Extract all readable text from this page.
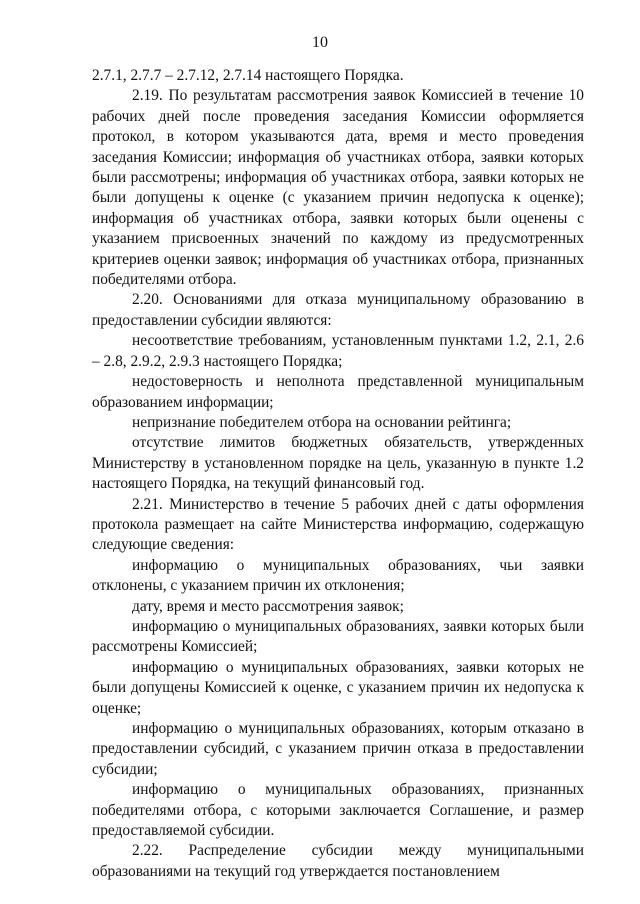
10

2.7.1, 2.7.7 – 2.7.12, 2.7.14 настоящего Порядка.

2.19. По результатам рассмотрения заявок Комиссией в течение 10 рабочих дней после проведения заседания Комиссии оформляется протокол, в котором указываются дата, время и место проведения заседания Комиссии; информация об участниках отбора, заявки которых были рассмотрены; информация об участниках отбора, заявки которых не были допущены к оценке (с указанием причин недопуска к оценке); информация об участниках отбора, заявки которых были оценены с указанием присвоенных значений по каждому из предусмотренных критериев оценки заявок; информация об участниках отбора, признанных победителями отбора.

2.20. Основаниями для отказа муниципальному образованию в предоставлении субсидии являются:

несоответствие требованиям, установленным пунктами 1.2, 2.1, 2.6 – 2.8, 2.9.2, 2.9.3 настоящего Порядка;

недостоверность и неполнота представленной муниципальным образованием информации;

непризнание победителем отбора на основании рейтинга;

отсутствие лимитов бюджетных обязательств, утвержденных Министерству в установленном порядке на цель, указанную в пункте 1.2 настоящего Порядка, на текущий финансовый год.

2.21. Министерство в течение 5 рабочих дней с даты оформления протокола размещает на сайте Министерства информацию, содержащую следующие сведения:

информацию о муниципальных образованиях, чьи заявки отклонены, с указанием причин их отклонения;

дату, время и место рассмотрения заявок;

информацию о муниципальных образованиях, заявки которых были рассмотрены Комиссией;

информацию о муниципальных образованиях, заявки которых не были допущены Комиссией к оценке, с указанием причин их недопуска к оценке;

информацию о муниципальных образованиях, которым отказано в предоставлении субсидий, с указанием причин отказа в предоставлении субсидии;

информацию о муниципальных образованиях, признанных победителями отбора, с которыми заключается Соглашение, и размер предоставляемой субсидии.

2.22. Распределение субсидии между муниципальными образованиями на текущий год утверждается постановлением
